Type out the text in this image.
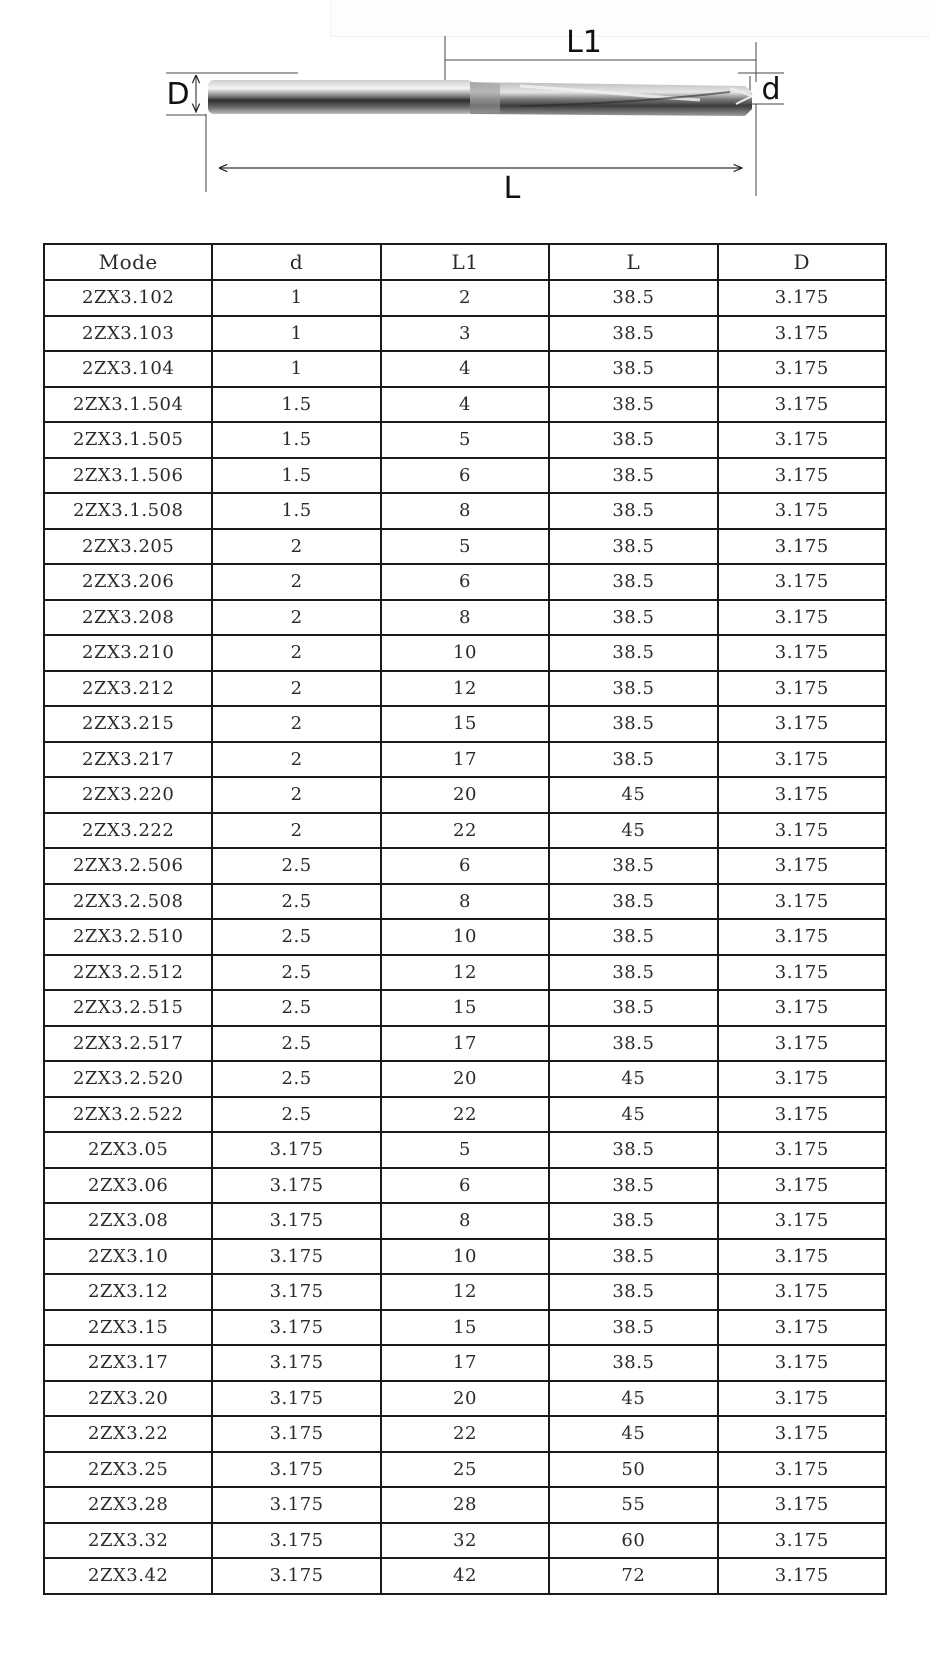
L1
D	d
L
Mode	d	L1	L	D
2ZX3.102	1	2	38.5	3.175
2ZX3.103	1	3	38.5	3.175
2ZX3.104	1	4	38.5	3.175
2ZX3.1.504	1.5	4	38.5	3.175
2ZX3.1.505	1.5	5	38.5	3.175
2ZX3.1.506	1.5	6	38.5	3.175
2ZX3.1.508	1.5	8	38.5	3.175
2ZX3.205	2	5	38.5	3.175
2ZX3.206	2	6	38.5	3.175
2ZX3.208	2	8	38.5	3.175
2ZX3.210	2	10	38.5	3.175
2ZX3.212	2	12	38.5	3.175
2ZX3.215	2	15	38.5	3.175
2ZX3.217	2	17	38.5	3.175
2ZX3.220	2	20	45	3.175
2ZX3.222	2	22	45	3.175
2ZX3.2.506	2.5	6	38.5	3.175
2ZX3.2.508	2.5	8	38.5	3.175
2ZX3.2.510	2.5	10	38.5	3.175
2ZX3.2.512	2.5	12	38.5	3.175
2ZX3.2.515	2.5	15	38.5	3.175
2ZX3.2.517	2.5	17	38.5	3.175
2ZX3.2.520	2.5	20	45	3.175
2ZX3.2.522	2.5	22	45	3.175
2ZX3.05	3.175	5	38.5	3.175
2ZX3.06	3.175	6	38.5	3.175
2ZX3.08	3.175	8	38.5	3.175
2ZX3.10	3.175	10	38.5	3.175
2ZX3.12	3.175	12	38.5	3.175
2ZX3.15	3.175	15	38.5	3.175
2ZX3.17	3.175	17	38.5	3.175
2ZX3.20	3.175	20	45	3.175
2ZX3.22	3.175	22	45	3.175
2ZX3.25	3.175	25	50	3.175
2ZX3.28	3.175	28	55	3.175
2ZX3.32	3.175	32	60	3.175
2ZX3.42	3.175	42	72	3.175
